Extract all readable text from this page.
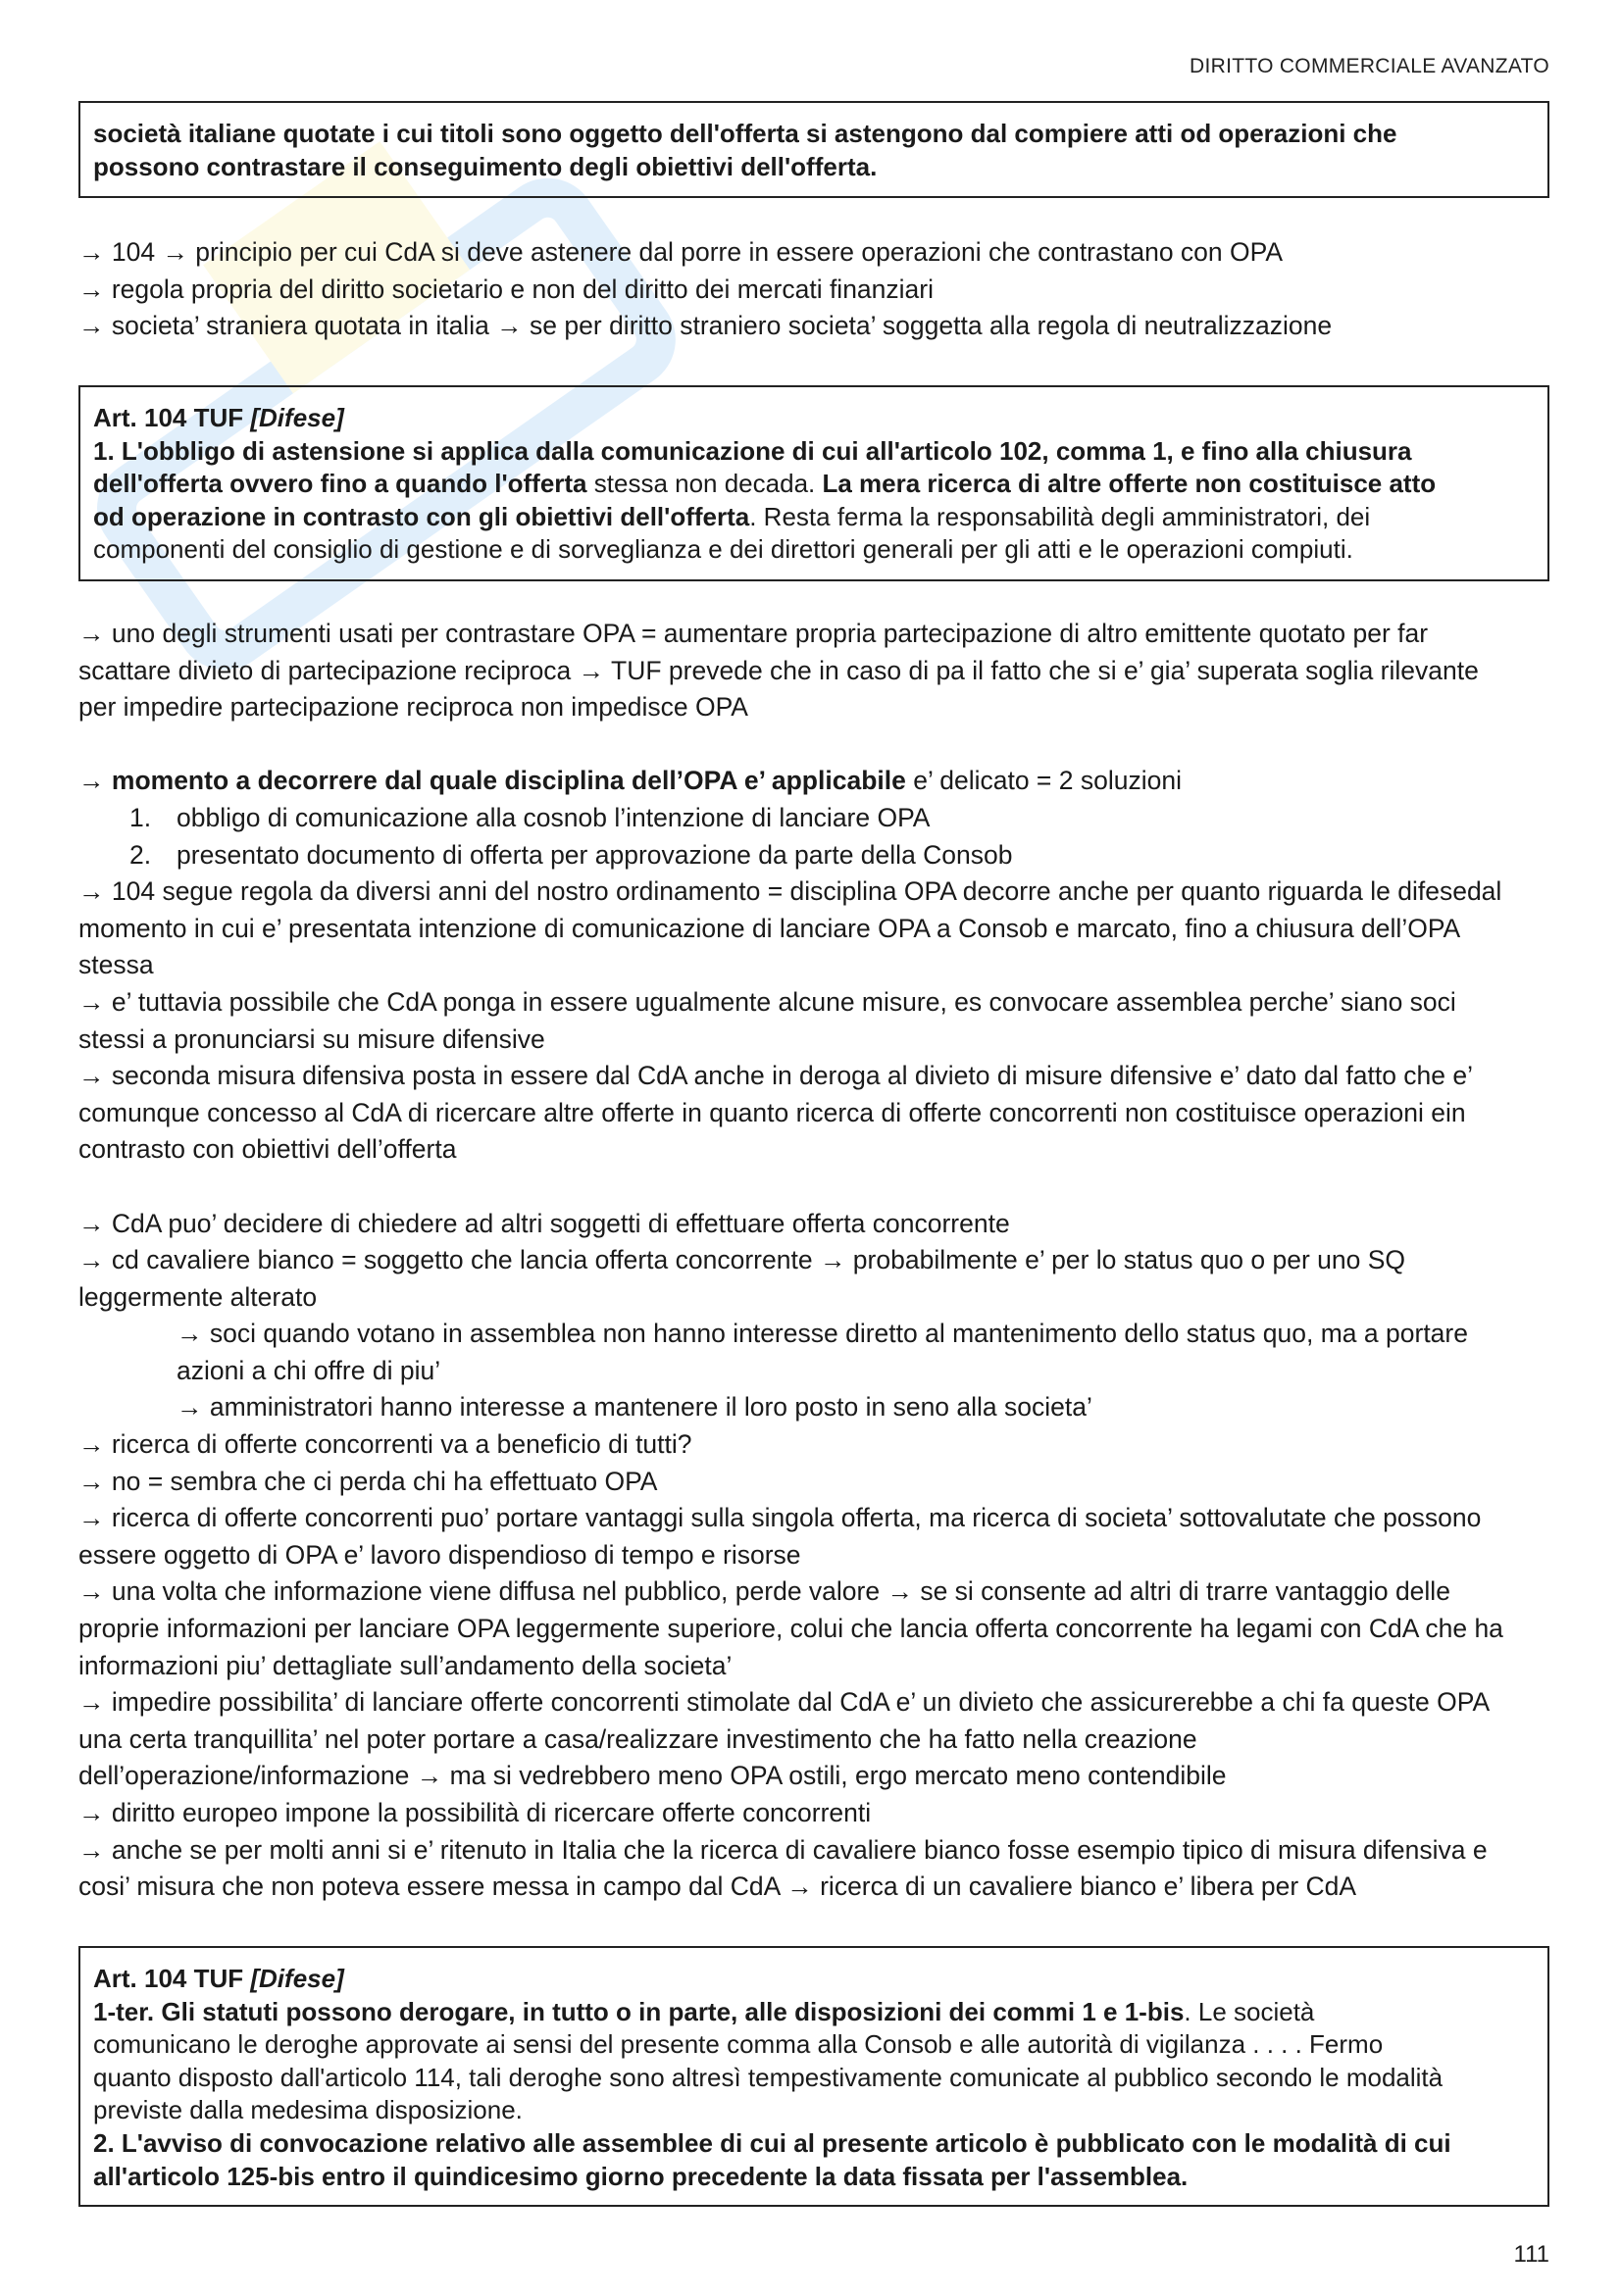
DIRITTO COMMERCIALE AVANZATO
società italiane quotate i cui titoli sono oggetto dell'offerta si astengono dal compiere atti od operazioni che
possono contrastare il conseguimento degli obiettivi dell'offerta.
→ 104 → principio per cui CdA si deve astenere dal porre in essere operazioni che contrastano con OPA
→ regola propria del diritto societario e non del diritto dei mercati finanziari
→ societa’ straniera quotata in italia → se per diritto straniero societa’ soggetta alla regola di neutralizzazione
Art. 104 TUF [Difese]
1. L'obbligo di astensione si applica dalla comunicazione di cui all'articolo 102, comma 1, e fino alla chiusura
dell'offerta ovvero fino a quando l'offerta stessa non decada. La mera ricerca di altre offerte non costituisce atto
od operazione in contrasto con gli obiettivi dell'offerta. Resta ferma la responsabilità degli amministratori, dei
componenti del consiglio di gestione e di sorveglianza e dei direttori generali per gli atti e le operazioni compiuti.
→ uno degli strumenti usati per contrastare OPA = aumentare propria partecipazione di altro emittente quotato per far
scattare divieto di partecipazione reciproca → TUF prevede che in caso di pa il fatto che si e’ gia’ superata soglia rilevante
per impedire partecipazione reciproca non impedisce OPA
→ momento a decorrere dal quale disciplina dell’OPA e’ applicabile e’ delicato = 2 soluzioni
1. obbligo di comunicazione alla cosnob l’intenzione di lanciare OPA
2. presentato documento di offerta per approvazione da parte della Consob
→ 104 segue regola da diversi anni del nostro ordinamento = disciplina OPA decorre anche per quanto riguarda le difesedal
momento in cui e’ presentata intenzione di comunicazione di lanciare OPA a Consob e marcato, fino a chiusura dell’OPA
stessa
→ e’ tuttavia possibile che CdA ponga in essere ugualmente alcune misure, es convocare assemblea perche’ siano soci
stessi a pronunciarsi su misure difensive
→ seconda misura difensiva posta in essere dal CdA anche in deroga al divieto di misure difensive e’ dato dal fatto che e’
comunque concesso al CdA di ricercare altre offerte in quanto ricerca di offerte concorrenti non costituisce operazioni ein
contrasto con obiettivi dell’offerta
→ CdA puo’ decidere di chiedere ad altri soggetti di effettuare offerta concorrente
→ cd cavaliere bianco = soggetto che lancia offerta concorrente → probabilmente e’ per lo status quo o per uno SQ
leggermente alterato
→ soci quando votano in assemblea non hanno interesse diretto al mantenimento dello status quo, ma a portare
azioni a chi offre di piu’
→ amministratori hanno interesse a mantenere il loro posto in seno alla societa’
→ ricerca di offerte concorrenti va a beneficio di tutti?
→ no = sembra che ci perda chi ha effettuato OPA
→ ricerca di offerte concorrenti puo’ portare vantaggi sulla singola offerta, ma ricerca di societa’ sottovalutate che possono
essere oggetto di OPA e’ lavoro dispendioso di tempo e risorse
→ una volta che informazione viene diffusa nel pubblico, perde valore → se si consente ad altri di trarre vantaggio delle
proprie informazioni per lanciare OPA leggermente superiore, colui che lancia offerta concorrente ha legami con CdA che ha
informazioni piu’ dettagliate sull’andamento della societa’
→ impedire possibilita’ di lanciare offerte concorrenti stimolate dal CdA e’ un divieto che assicurerebbe a chi fa queste OPA
una certa tranquillita’ nel poter portare a casa/realizzare investimento che ha fatto nella creazione
dell’operazione/informazione → ma si vedrebbero meno OPA ostili, ergo mercato meno contendibile
→ diritto europeo impone la possibilità di ricercare offerte concorrenti
→ anche se per molti anni si e’ ritenuto in Italia che la ricerca di cavaliere bianco fosse esempio tipico di misura difensiva e
cosi’ misura che non poteva essere messa in campo dal CdA → ricerca di un cavaliere bianco e’ libera per CdA
Art. 104 TUF [Difese]
1-ter. Gli statuti possono derogare, in tutto o in parte, alle disposizioni dei commi 1 e 1-bis. Le società
comunicano le deroghe approvate ai sensi del presente comma alla Consob e alle autorità di vigilanza . . . . Fermo
quanto disposto dall'articolo 114, tali deroghe sono altresì tempestivamente comunicate al pubblico secondo le modalità
previste dalla medesima disposizione.
2. L'avviso di convocazione relativo alle assemblee di cui al presente articolo è pubblicato con le modalità di cui
all'articolo 125-bis entro il quindicesimo giorno precedente la data fissata per l'assemblea.
111
